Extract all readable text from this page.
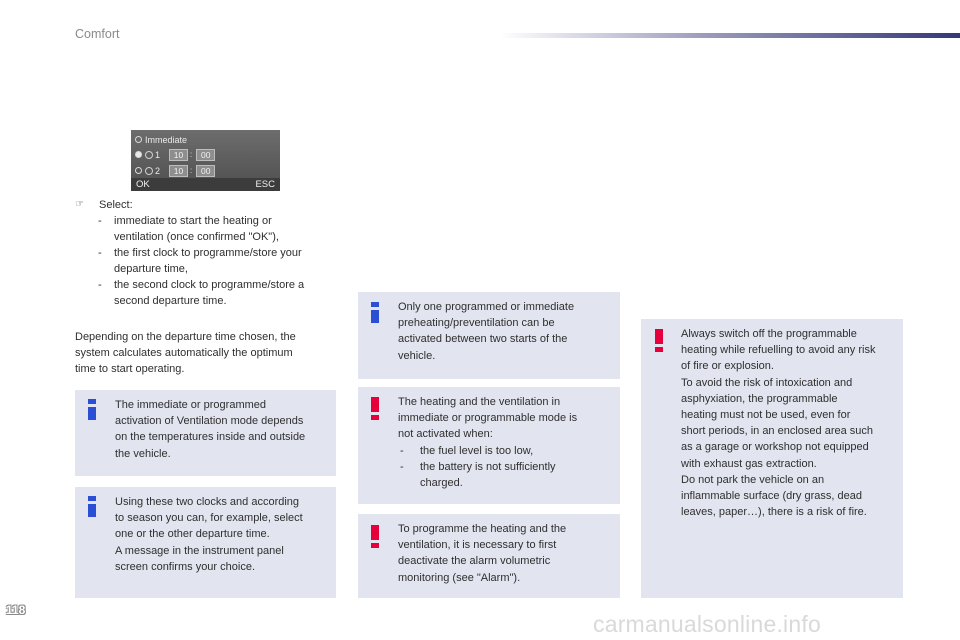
Comfort
Immediate
1	10 :	00
2	10 :	00
OK	ESC
☞ Select:
- immediate to start the heating or
ventilation (once confirmed "OK"),
- the first clock to programme/store your
departure time,
- the second clock to programme/store a
second departure time.
Depending on the departure time chosen, the
system calculates automatically the optimum
time to start operating.
The immediate or programmed
activation of Ventilation mode depends
on the temperatures inside and outside
the vehicle.
Using these two clocks and according
to season you can, for example, select
one or the other departure time.
A message in the instrument panel
screen confirms your choice.
Only one programmed or immediate
preheating/preventilation can be
activated between two starts of the
vehicle.
The heating and the ventilation in
immediate or programmable mode is
not activated when:
- the fuel level is too low,
- the battery is not sufficiently
charged.
To programme the heating and the
ventilation, it is necessary to first
deactivate the alarm volumetric
monitoring (see "Alarm").
Always switch off the programmable
heating while refuelling to avoid any risk
of fire or explosion.
To avoid the risk of intoxication and
asphyxiation, the programmable
heating must not be used, even for
short periods, in an enclosed area such
as a garage or workshop not equipped
with exhaust gas extraction.
Do not park the vehicle on an
inflammable surface (dry grass, dead
leaves, paper…), there is a risk of fire.
118
carmanualsonline.info
